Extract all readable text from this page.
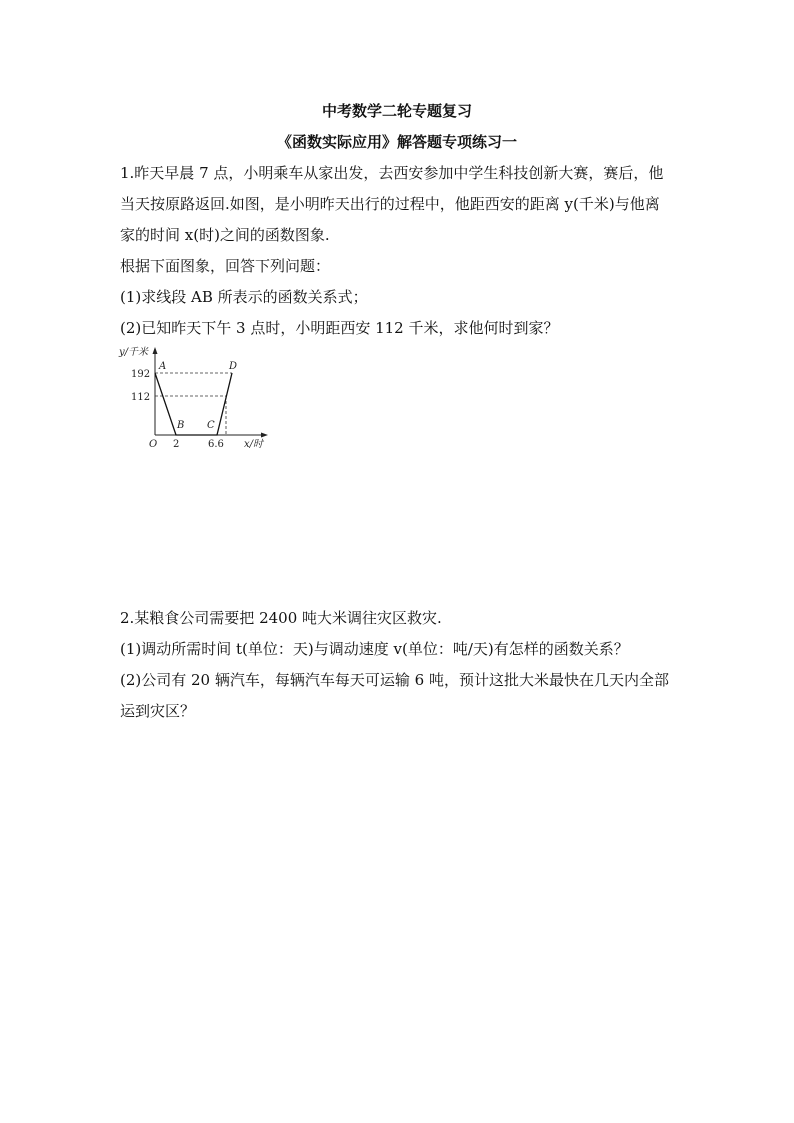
中考数学二轮专题复习
《函数实际应用》解答题专项练习一

1.昨天早晨 7 点，小明乘车从家出发，去西安参加中学生科技创新大赛，赛后，他

当天按原路返回.如图，是小明昨天出行的过程中，他距西安的距离 y(千米)与他离

家的时间 x(时)之间的函数图象.

根据下面图象，回答下列问题：

(1)求线段 AB 所表示的函数关系式；

(2)已知昨天下午 3 点时，小明距西安 112 千米，求他何时到家？

y/千米
x/时
O
192
112
2	6.6
A
B C
D

2.某粮食公司需要把 2400 吨大米调往灾区救灾.

(1)调动所需时间 t(单位：天)与调动速度 v(单位：吨/天)有怎样的函数关系？

(2)公司有 20 辆汽车，每辆汽车每天可运输 6 吨，预计这批大米最快在几天内全部

运到灾区？
